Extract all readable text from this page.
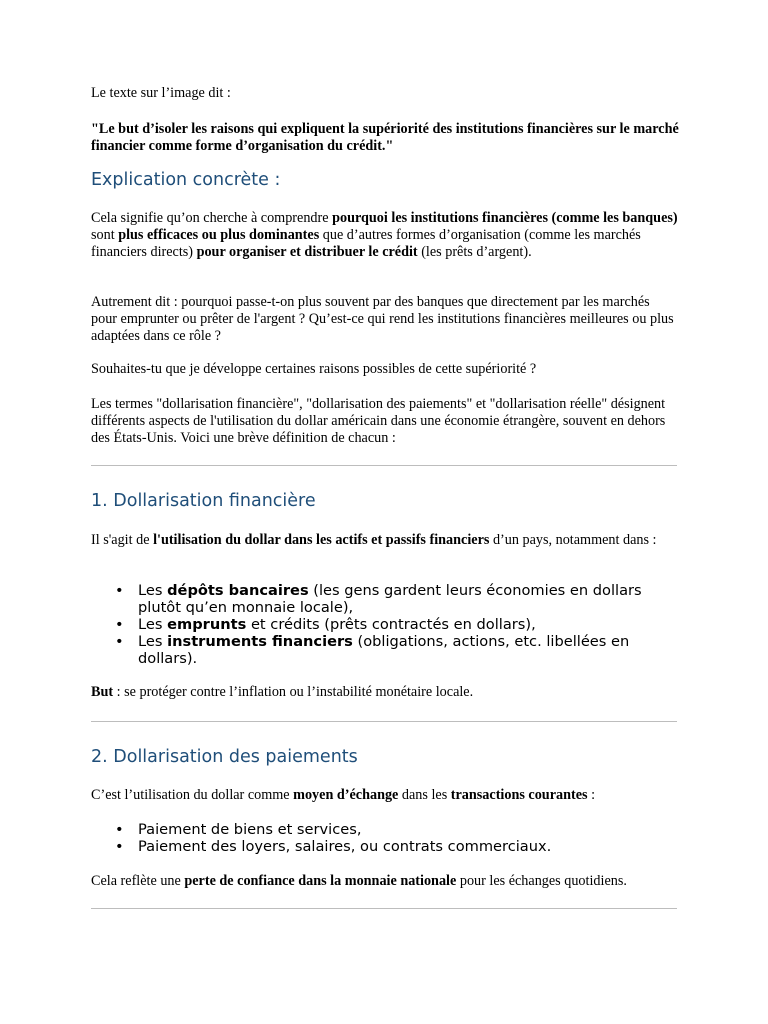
Le texte sur l’image dit :

"Le but d’isoler les raisons qui expliquent la supériorité des institutions financières sur le marché financier comme forme d’organisation du crédit."

Explication concrète :

Cela signifie qu’on cherche à comprendre pourquoi les institutions financières (comme les banques) sont plus efficaces ou plus dominantes que d’autres formes d’organisation (comme les marchés financiers directs) pour organiser et distribuer le crédit (les prêts d’argent).

Autrement dit : pourquoi passe-t-on plus souvent par des banques que directement par les marchés pour emprunter ou prêter de l'argent ? Qu’est-ce qui rend les institutions financières meilleures ou plus adaptées dans ce rôle ?

Souhaites-tu que je développe certaines raisons possibles de cette supériorité ?

Les termes "dollarisation financière", "dollarisation des paiements" et "dollarisation réelle" désignent différents aspects de l'utilisation du dollar américain dans une économie étrangère, souvent en dehors des États-Unis. Voici une brève définition de chacun :

1. Dollarisation financière

Il s'agit de l'utilisation du dollar dans les actifs et passifs financiers d’un pays, notamment dans :

• Les dépôts bancaires (les gens gardent leurs économies en dollars plutôt qu’en monnaie locale),
• Les emprunts et crédits (prêts contractés en dollars),
• Les instruments financiers (obligations, actions, etc. libellées en dollars).

But : se protéger contre l’inflation ou l’instabilité monétaire locale.

2. Dollarisation des paiements

C’est l’utilisation du dollar comme moyen d’échange dans les transactions courantes :

• Paiement de biens et services,
• Paiement des loyers, salaires, ou contrats commerciaux.

Cela reflète une perte de confiance dans la monnaie nationale pour les échanges quotidiens.
